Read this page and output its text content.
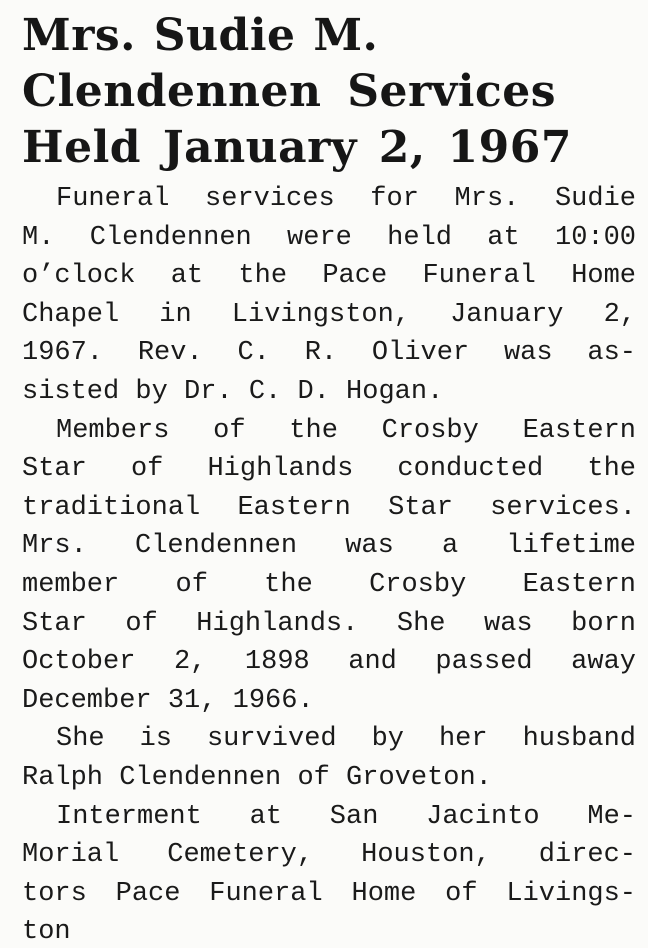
Mrs. Sudie M.
Clendennen Services
Held January 2, 1967
Funeral services for Mrs. Sudie
M. Clendennen were held at 10:00
o’clock at the Pace Funeral Home
Chapel in Livingston, January 2,
1967. Rev. C. R. Oliver was as-
sisted by Dr. C. D. Hogan.
Members of the Crosby Eastern
Star of Highlands conducted the
traditional Eastern Star services.
Mrs. Clendennen was a lifetime
member of the Crosby Eastern
Star of Highlands. She was born
October 2, 1898 and passed away
December 31, 1966.
She is survived by her husband
Ralph Clendennen of Groveton.
Interment at San Jacinto Me-
Morial Cemetery, Houston, direc-
tors Pace Funeral Home of Livings-
ton
